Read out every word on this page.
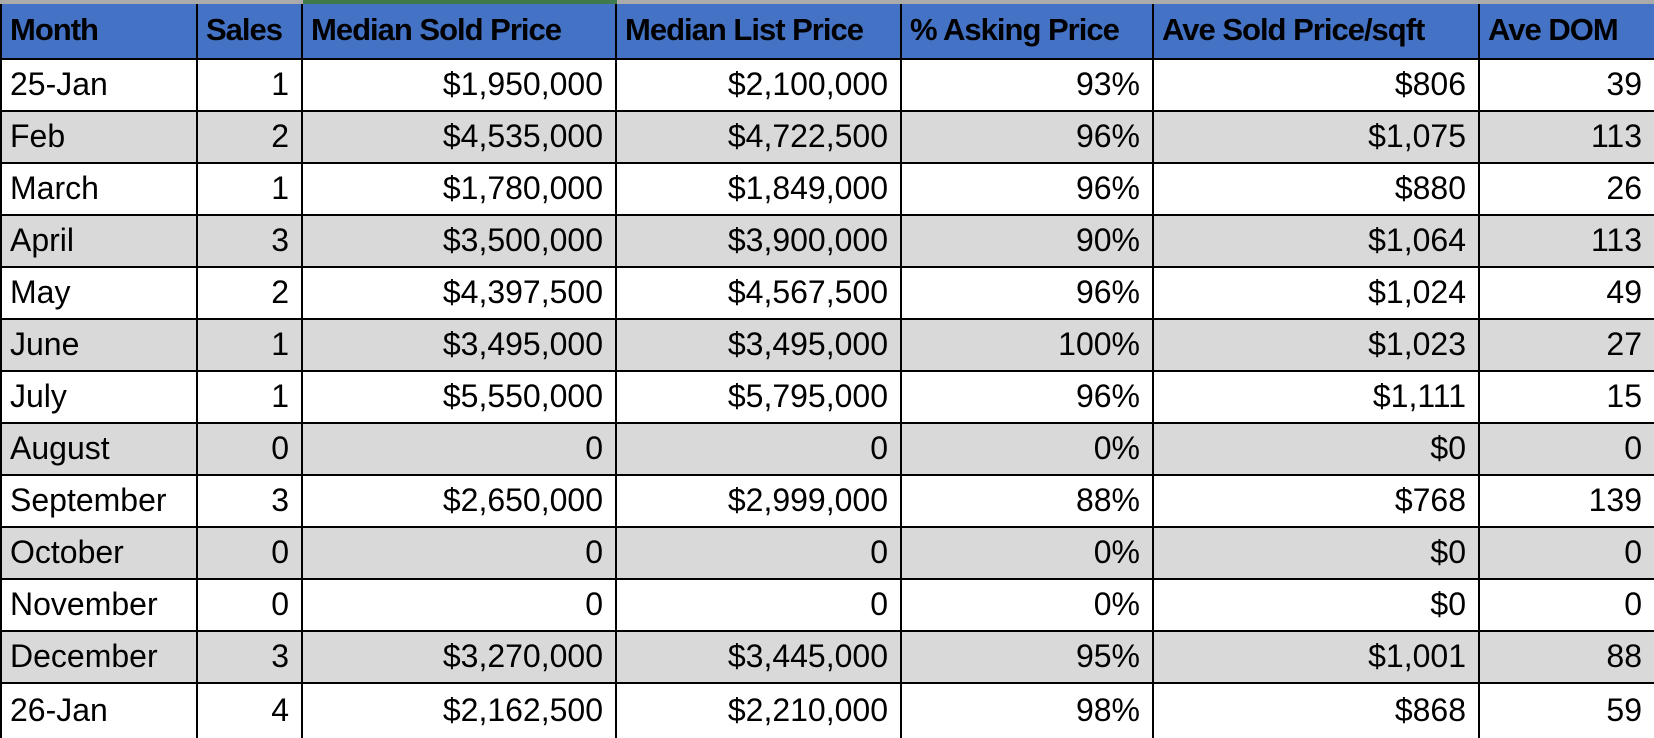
Month	Sales	Median Sold Price	Median List Price	% Asking Price	Ave Sold Price/sqft	Ave DOM
25-Jan	1	$1,950,000	$2,100,000	93%	$806	39
Feb	2	$4,535,000	$4,722,500	96%	$1,075	113
March	1	$1,780,000	$1,849,000	96%	$880	26
April	3	$3,500,000	$3,900,000	90%	$1,064	113
May	2	$4,397,500	$4,567,500	96%	$1,024	49
June	1	$3,495,000	$3,495,000	100%	$1,023	27
July	1	$5,550,000	$5,795,000	96%	$1,111	15
August	0	0	0	0%	$0	0
September	3	$2,650,000	$2,999,000	88%	$768	139
October	0	0	0	0%	$0	0
November	0	0	0	0%	$0	0
December	3	$3,270,000	$3,445,000	95%	$1,001	88
26-Jan	4	$2,162,500	$2,210,000	98%	$868	59
